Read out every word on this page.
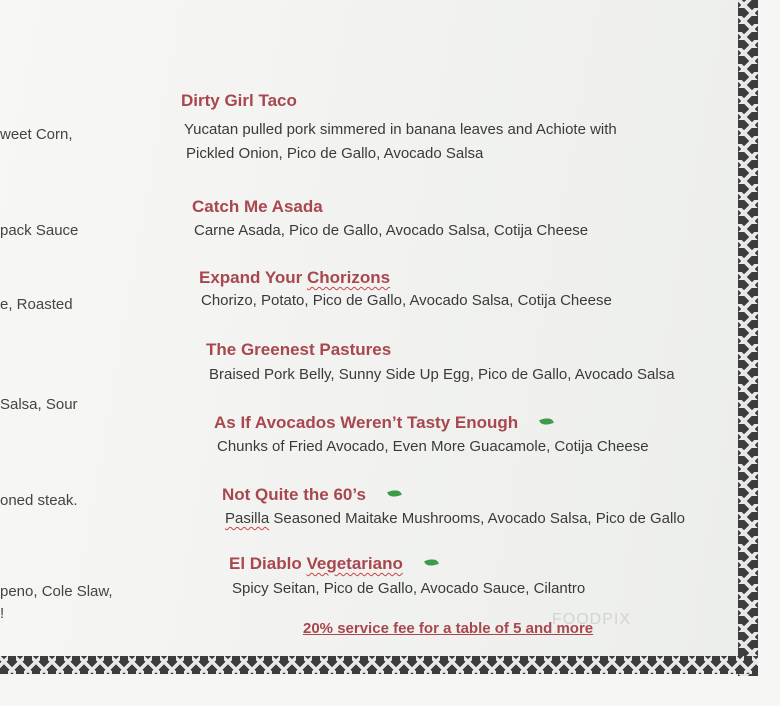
weet Corn,
pack Sauce
e, Roasted
Salsa, Sour
oned steak.
peno, Cole Slaw,
!
Dirty Girl Taco
Yucatan pulled pork simmered in banana leaves and Achiote with
Pickled Onion, Pico de Gallo, Avocado Salsa
Catch Me Asada
Carne Asada, Pico de Gallo, Avocado Salsa, Cotija Cheese
Expand Your Chorizons
Chorizo, Potato, Pico de Gallo, Avocado Salsa, Cotija Cheese
The Greenest Pastures
Braised Pork Belly, Sunny Side Up Egg, Pico de Gallo, Avocado Salsa
As If Avocados Weren’t Tasty Enough
Chunks of Fried Avocado, Even More Guacamole, Cotija Cheese
Not Quite the 60’s
Pasilla Seasoned Maitake Mushrooms, Avocado Salsa, Pico de Gallo
El Diablo Vegetariano
Spicy Seitan, Pico de Gallo, Avocado Sauce, Cilantro
FOODPIX
20% service fee for a table of 5 and more
